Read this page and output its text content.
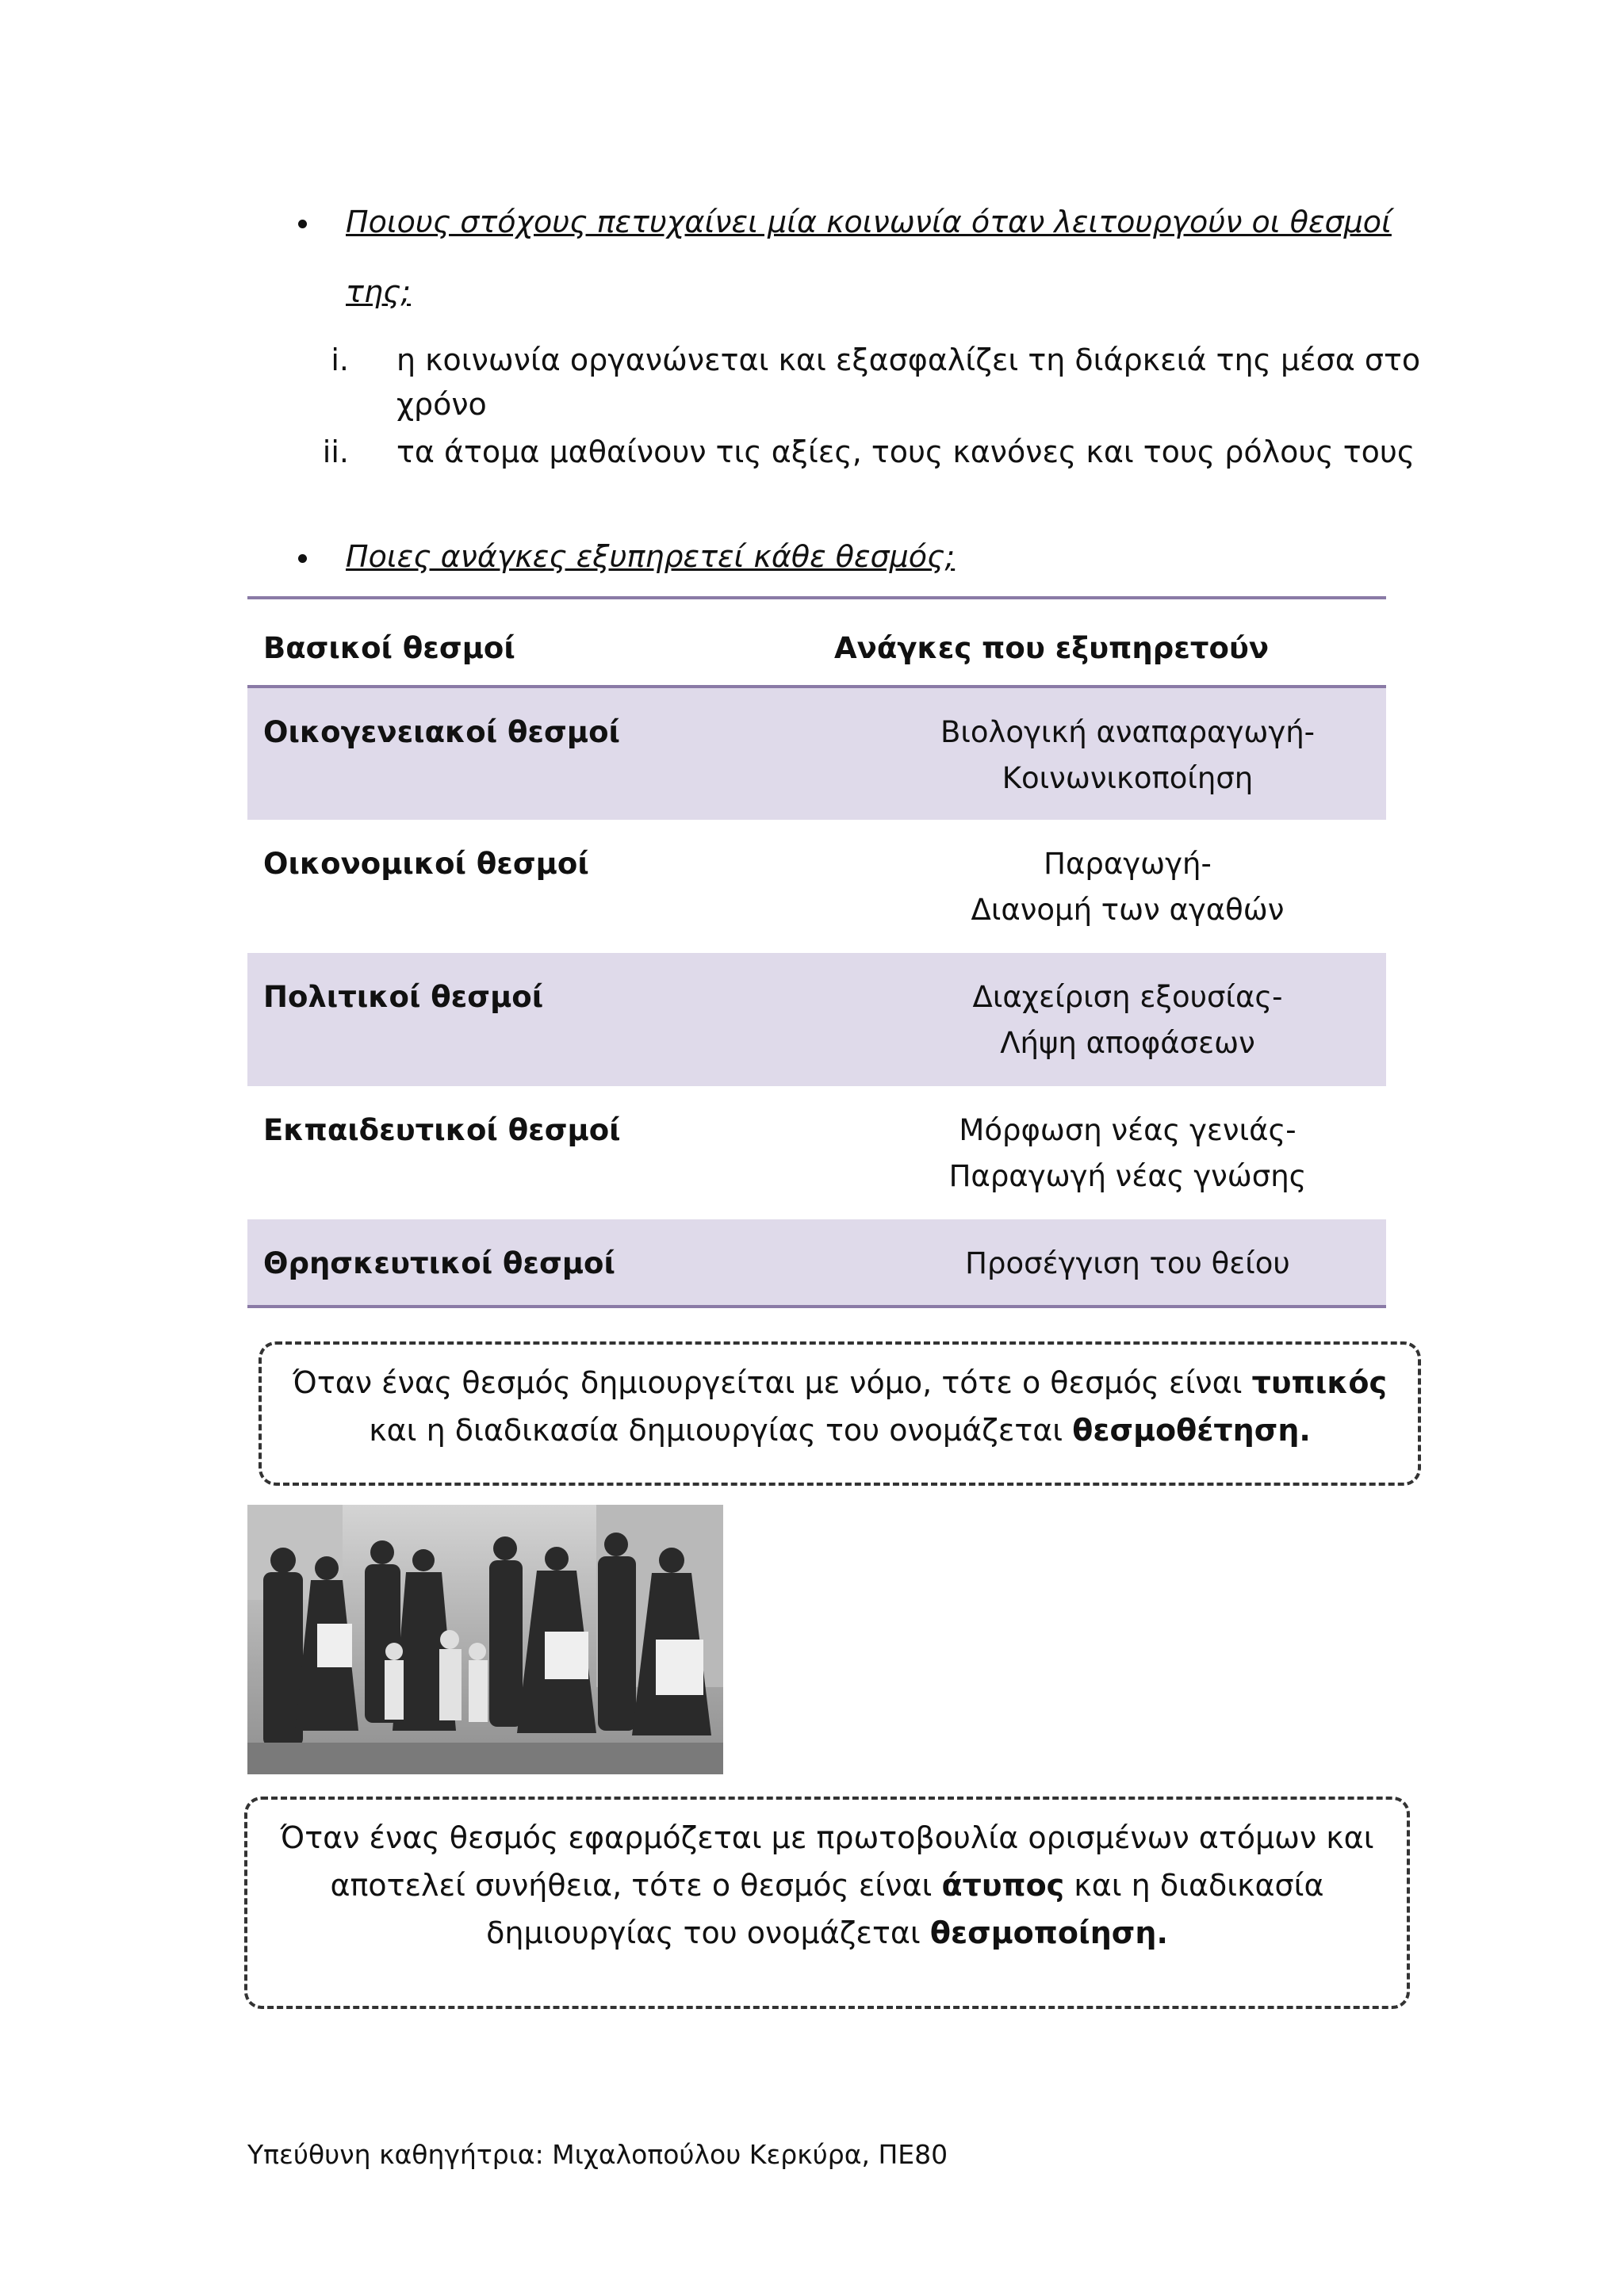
Ποιους στόχους πετυχαίνει μία κοινωνία όταν λειτουργούν οι θεσμοί
της;
i. η κοινωνία οργανώνεται και εξασφαλίζει τη διάρκειά της μέσα στο
χρόνο
ii. τα άτομα μαθαίνουν τις αξίες, τους κανόνες και τους ρόλους τους
Ποιες ανάγκες εξυπηρετεί κάθε θεσμός;
Βασικοί θεσμοί	Ανάγκες που εξυπηρετούν
Οικογενειακοί θεσμοί	Βιολογική αναπαραγωγή-
Κοινωνικοποίηση
Οικονομικοί θεσμοί	Παραγωγή-
Διανομή των αγαθών
Πολιτικοί θεσμοί	Διαχείριση εξουσίας-
Λήψη αποφάσεων
Εκπαιδευτικοί θεσμοί	Μόρφωση νέας γενιάς-
Παραγωγή νέας γνώσης
Θρησκευτικοί θεσμοί	Προσέγγιση του θείου
Όταν ένας θεσμός δημιουργείται με νόμο, τότε ο θεσμός είναι τυπικός και η διαδικασία δημιουργίας του ονομάζεται θεσμοθέτηση.
Όταν ένας θεσμός εφαρμόζεται με πρωτοβουλία ορισμένων ατόμων και αποτελεί συνήθεια, τότε ο θεσμός είναι άτυπος και η διαδικασία δημιουργίας του ονομάζεται θεσμοποίηση.
Υπεύθυνη καθηγήτρια: Μιχαλοπούλου Κερκύρα, ΠΕ80
